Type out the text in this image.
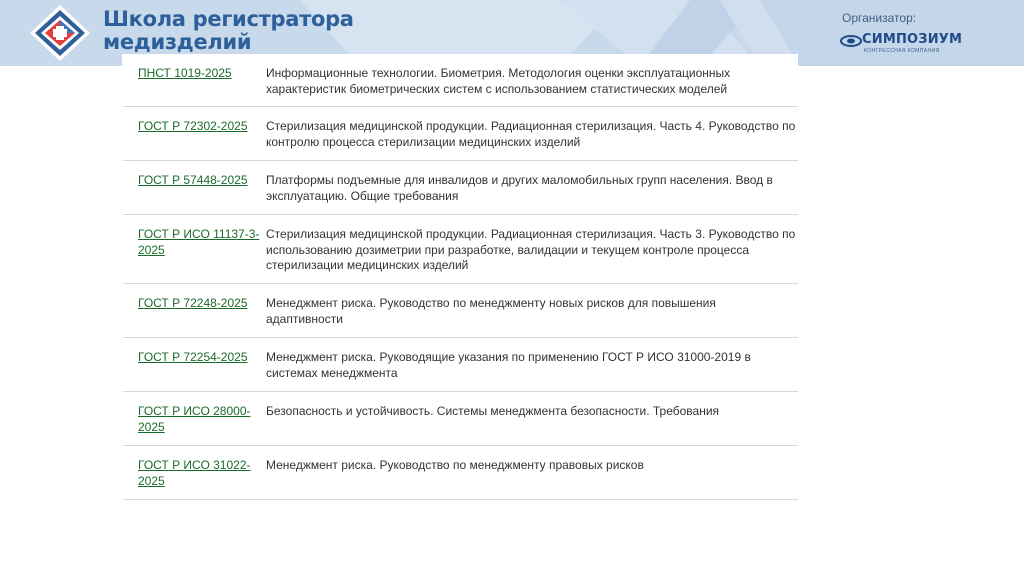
Школа регистратора
медизделий
Организатор:
СИМПОЗИУМ
КОНГРЕССНАЯ КОМПАНИЯ
ПНСТ 1019-2025	Информационные технологии. Биометрия. Методология оценки эксплуатационных характеристик биометрических систем с использованием статистических моделей
ГОСТ Р 72302-2025	Стерилизация медицинской продукции. Радиационная стерилизация. Часть 4. Руководство по контролю процесса стерилизации медицинских изделий
ГОСТ Р 57448-2025	Платформы подъемные для инвалидов и других маломобильных групп населения. Ввод в эксплуатацию. Общие требования
ГОСТ Р ИСО 11137-3-2025	Стерилизация медицинской продукции. Радиационная стерилизация. Часть 3. Руководство по использованию дозиметрии при разработке, валидации и текущем контроле процесса стерилизации медицинских изделий
ГОСТ Р 72248-2025	Менеджмент риска. Руководство по менеджменту новых рисков для повышения адаптивности
ГОСТ Р 72254-2025	Менеджмент риска. Руководящие указания по применению ГОСТ Р ИСО 31000-2019 в системах менеджмента
ГОСТ Р ИСО 28000-2025	Безопасность и устойчивость. Системы менеджмента безопасности. Требования
ГОСТ Р ИСО 31022-2025	Менеджмент риска. Руководство по менеджменту правовых рисков
